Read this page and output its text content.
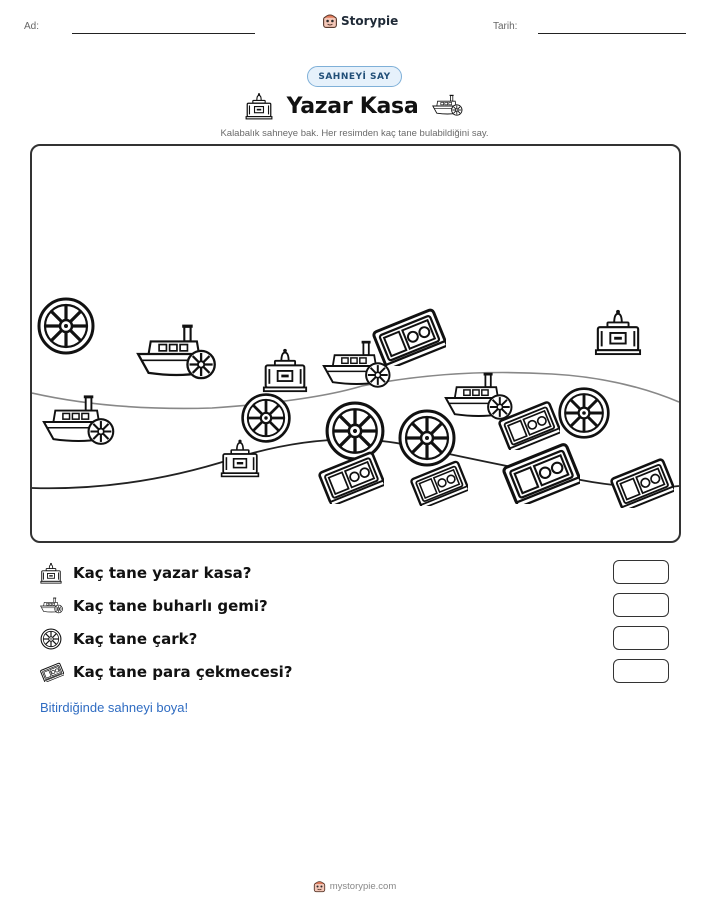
Ad:	Storypie	Tarih:
SAHNEYİ SAY
Yazar Kasa
Kalabalık sahneye bak. Her resimden kaç tane bulabildiğini say.
Kaç tane yazar kasa?
Kaç tane buharlı gemi?
Kaç tane çark?
Kaç tane para çekmecesi?
Bitirdiğinde sahneyi boya!
mystorypie.com
